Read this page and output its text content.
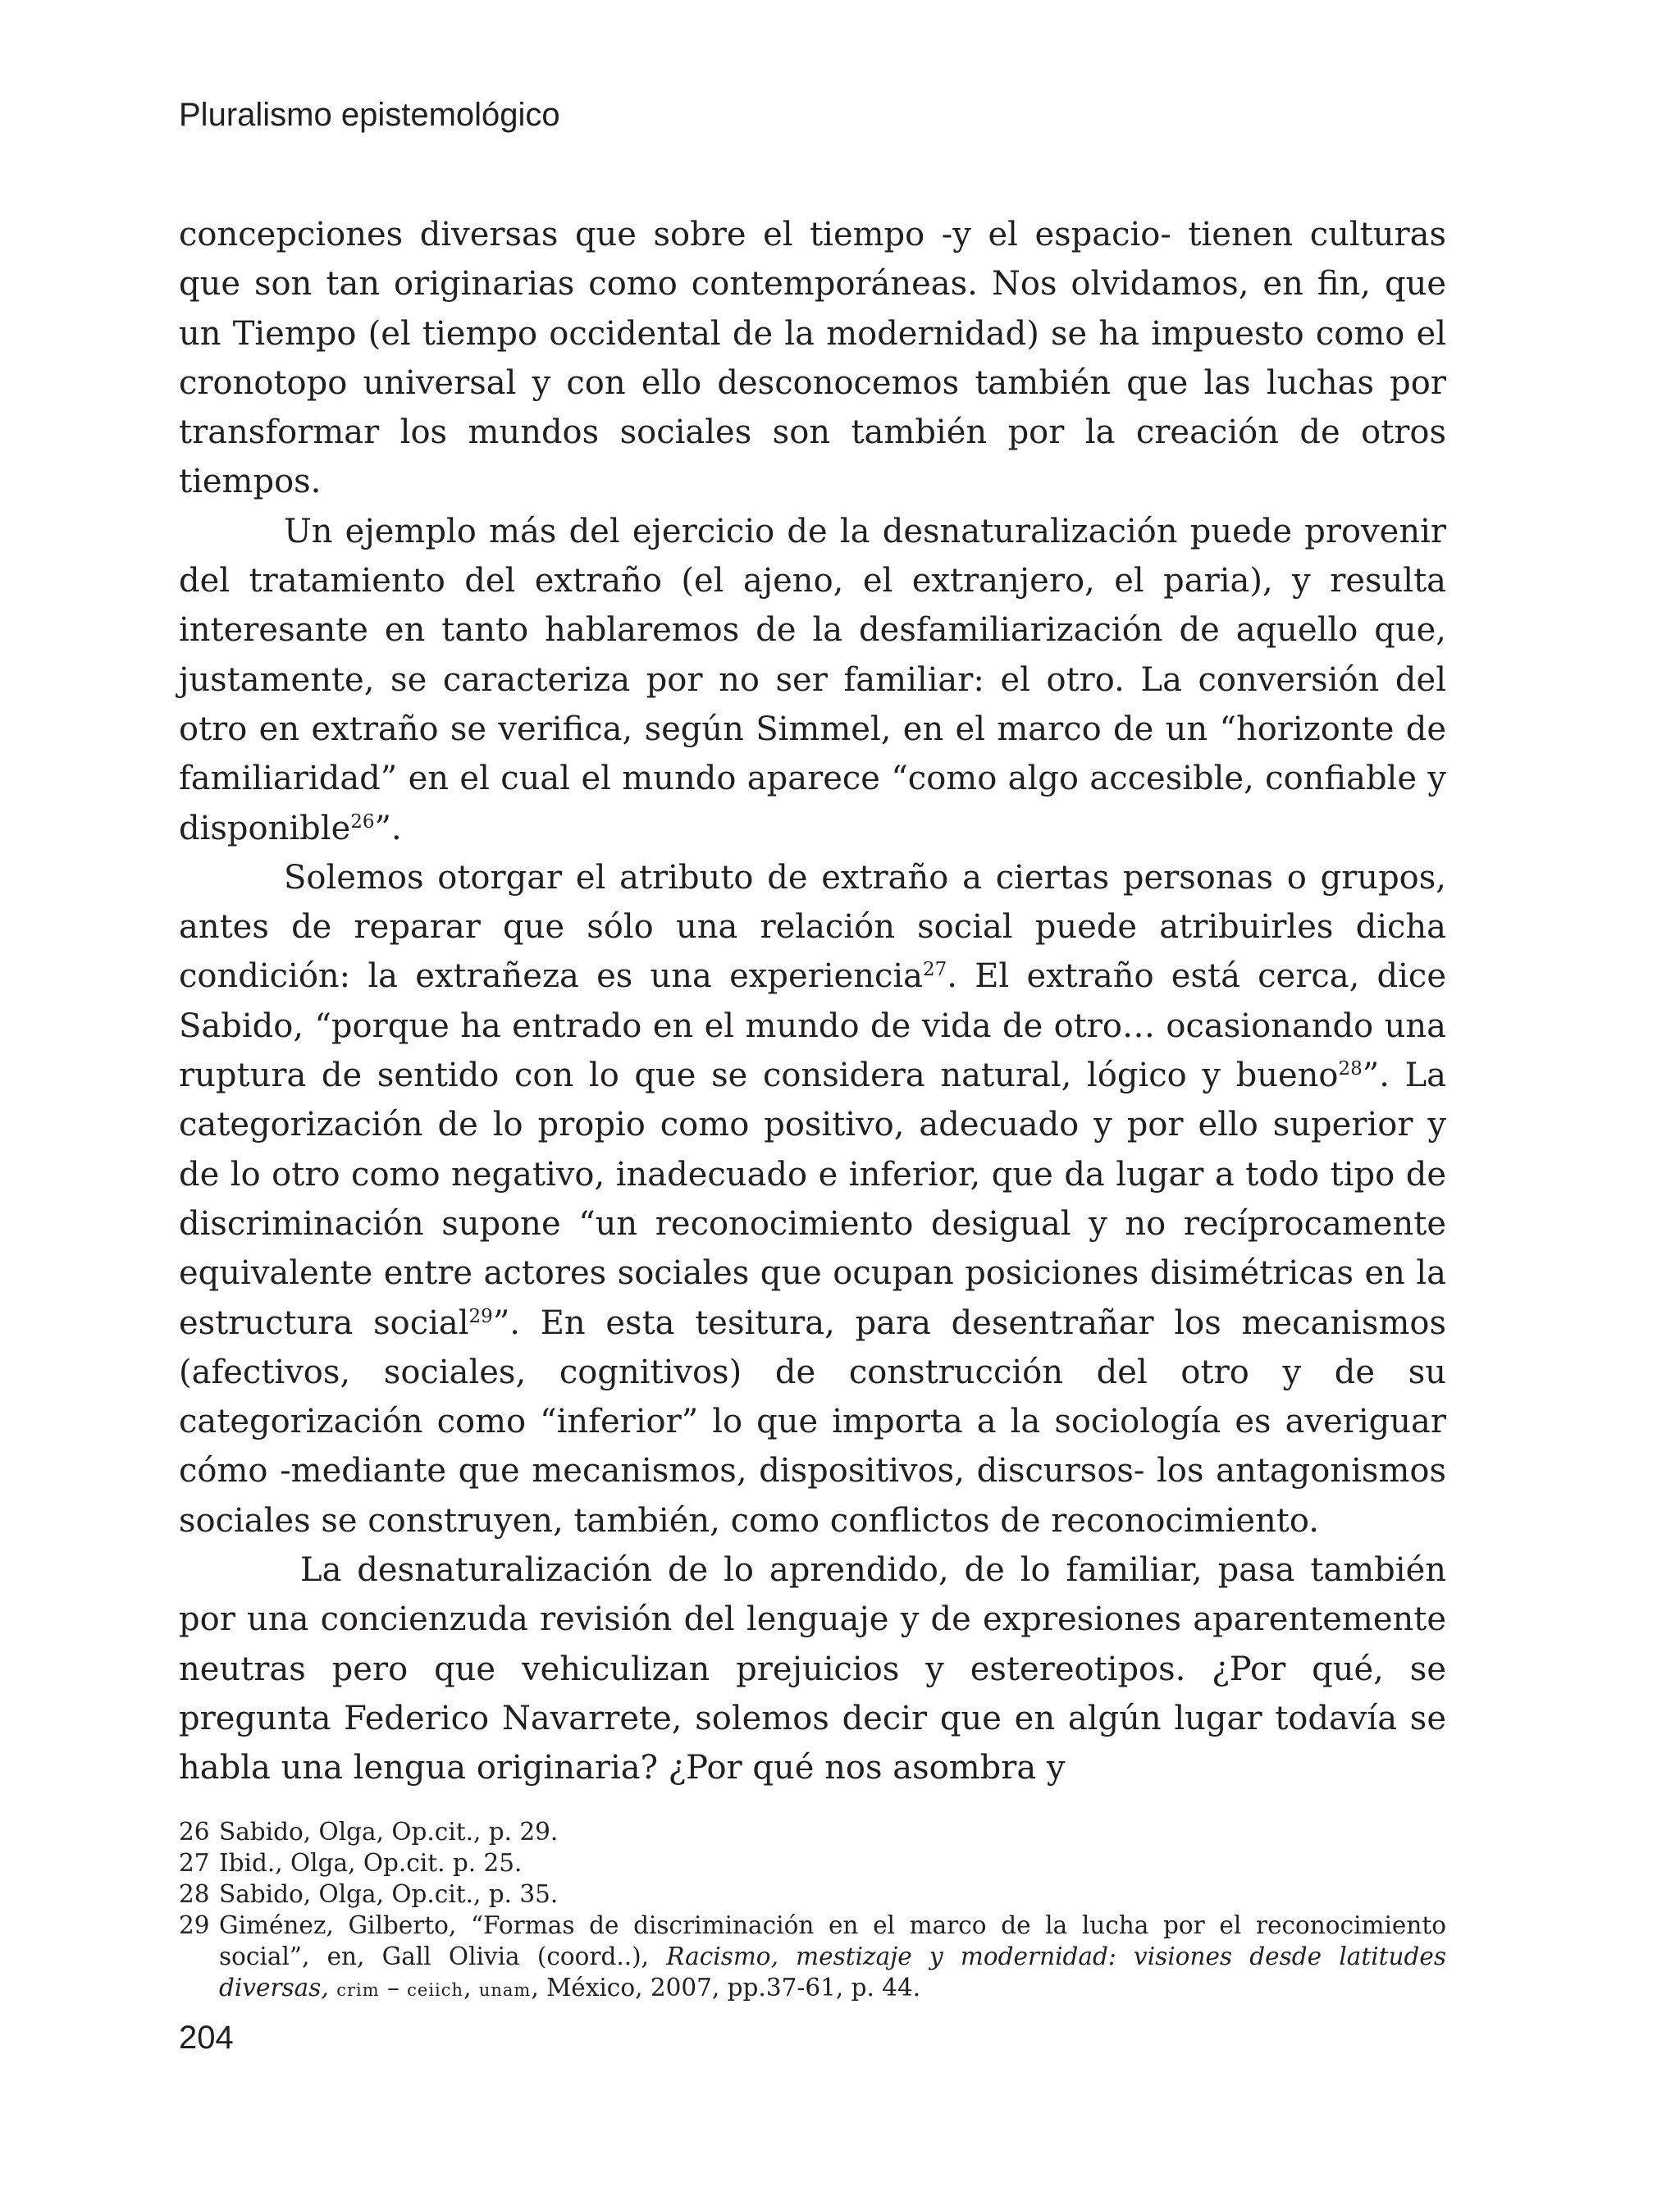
Pluralismo epistemológico

concepciones diversas que sobre el tiempo -y el espacio- tienen culturas que son tan originarias como contemporáneas. Nos olvidamos, en fin, que un Tiempo (el tiempo occidental de la modernidad) se ha impuesto como el cronotopo universal y con ello desconocemos también que las luchas por transformar los mundos sociales son también por la creación de otros tiempos.

Un ejemplo más del ejercicio de la desnaturalización puede provenir del tratamiento del extraño (el ajeno, el extranjero, el paria), y resulta interesante en tanto hablaremos de la desfamiliarización de aquello que, justamente, se caracteriza por no ser familiar: el otro. La conversión del otro en extraño se verifica, según Simmel, en el marco de un “horizonte de familiaridad” en el cual el mundo aparece “como algo accesible, confiable y disponible$^{26}$”.

Solemos otorgar el atributo de extraño a ciertas personas o grupos, antes de reparar que sólo una relación social puede atribuirles dicha condición: la extrañeza es una experiencia$^{27}$. El extraño está cerca, dice Sabido, “porque ha entrado en el mundo de vida de otro… ocasionando una ruptura de sentido con lo que se considera natural, lógico y bueno$^{28}$”. La categorización de lo propio como positivo, adecuado y por ello superior y de lo otro como negativo, inadecuado e inferior, que da lugar a todo tipo de discriminación supone “un reconocimiento desigual y no recíprocamente equivalente entre actores sociales que ocupan posiciones disimétricas en la estructura social$^{29}$”. En esta tesitura, para desentrañar los mecanismos (afectivos, sociales, cognitivos) de construcción del otro y de su categorización como “inferior” lo que importa a la sociología es averiguar cómo -mediante que mecanismos, dispositivos, discursos- los antagonismos sociales se construyen, también, como conflictos de reconocimiento.

La desnaturalización de lo aprendido, de lo familiar, pasa también por una concienzuda revisión del lenguaje y de expresiones aparentemente neutras pero que vehiculizan prejuicios y estereotipos. ¿Por qué, se pregunta Federico Navarrete, solemos decir que en algún lugar todavía se habla una lengua originaria? ¿Por qué nos asombra y

26 Sabido, Olga, Op.cit., p. 29.
27 Ibid., Olga, Op.cit. p. 25.
28 Sabido, Olga, Op.cit., p. 35.
29 Giménez, Gilberto, “Formas de discriminación en el marco de la lucha por el reconocimiento social”, en, Gall Olivia (coord..), Racismo, mestizaje y modernidad: visiones desde latitudes diversas, crim – ceiich, unam, México, 2007, pp.37-61, p. 44.
204
